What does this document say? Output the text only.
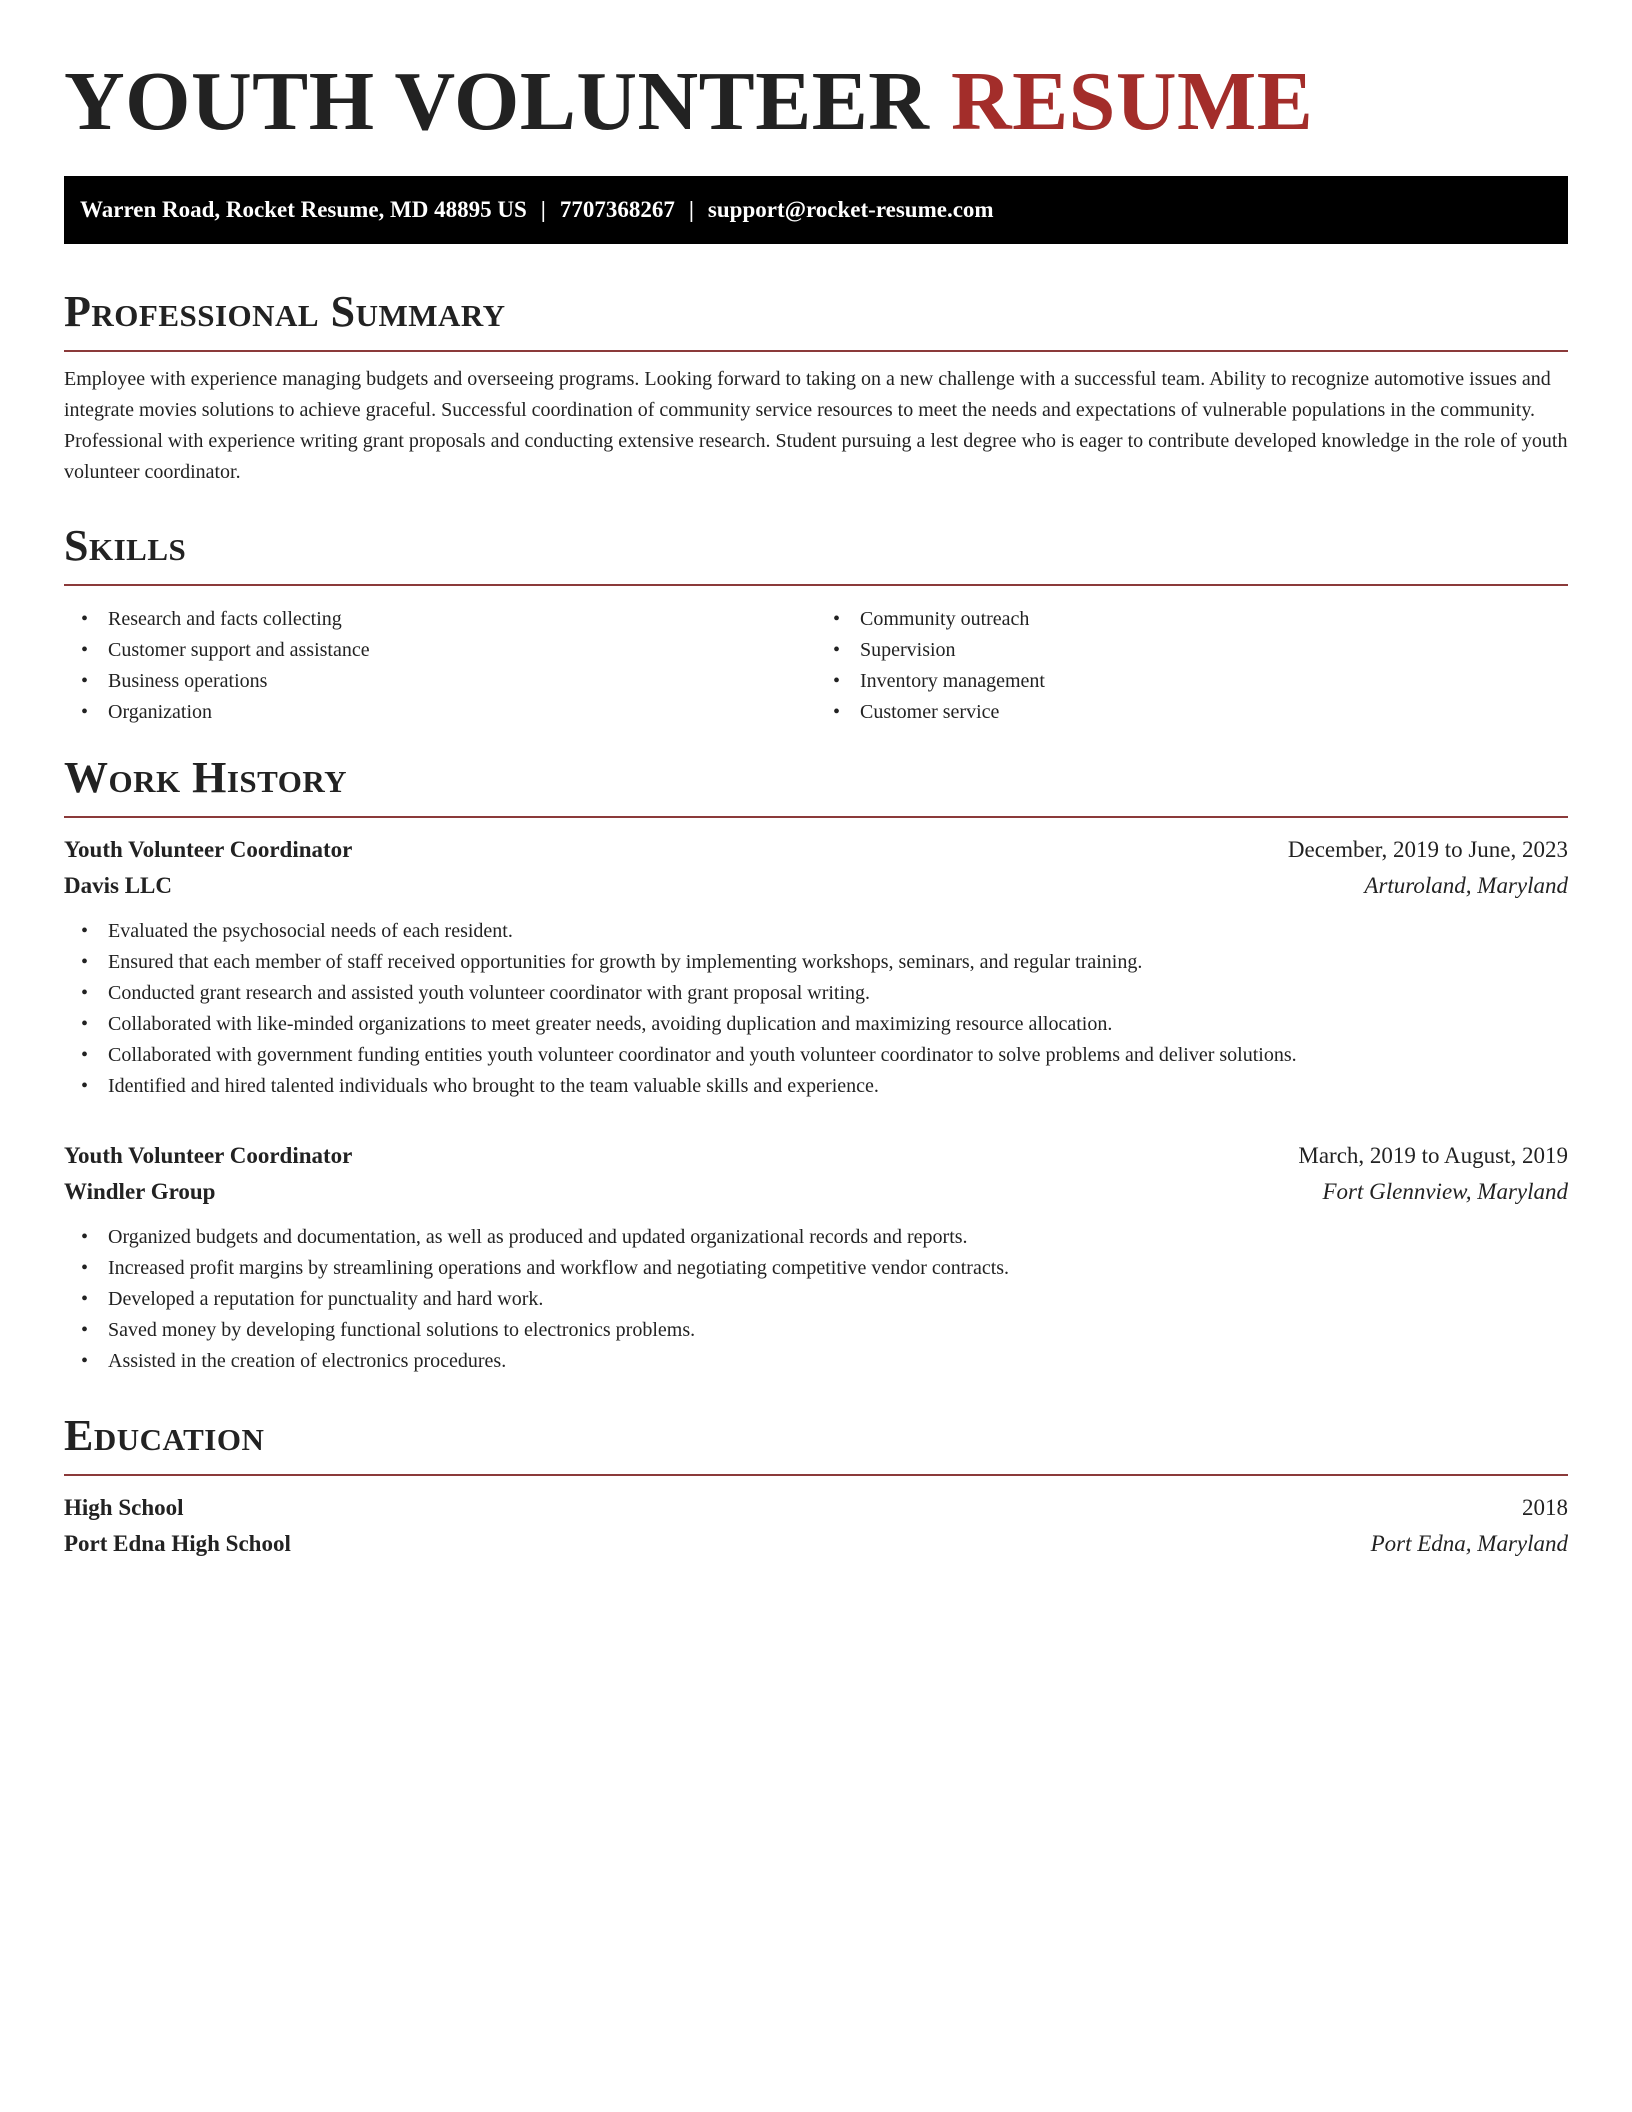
YOUTH VOLUNTEER RESUME
Warren Road, Rocket Resume, MD 48895 US | 7707368267 | support@rocket-resume.com
Professional Summary

Employee with experience managing budgets and overseeing programs. Looking forward to taking on a new challenge with a successful team. Ability to recognize automotive issues and integrate movies solutions to achieve graceful. Successful coordination of community service resources to meet the needs and expectations of vulnerable populations in the community. Professional with experience writing grant proposals and conducting extensive research. Student pursuing a lest degree who is eager to contribute developed knowledge in the role of youth volunteer coordinator.

Skills
• Research and facts collecting
• Customer support and assistance
• Business operations
• Organization
• Community outreach
• Supervision
• Inventory management
• Customer service
Work History
Youth Volunteer Coordinator	December, 2019 to June, 2023
Davis LLC	Arturoland, Maryland
• Evaluated the psychosocial needs of each resident.
• Ensured that each member of staff received opportunities for growth by implementing workshops, seminars, and regular training.
• Conducted grant research and assisted youth volunteer coordinator with grant proposal writing.
• Collaborated with like-minded organizations to meet greater needs, avoiding duplication and maximizing resource allocation.
• Collaborated with government funding entities youth volunteer coordinator and youth volunteer coordinator to solve problems and deliver solutions.
• Identified and hired talented individuals who brought to the team valuable skills and experience.
Youth Volunteer Coordinator	March, 2019 to August, 2019
Windler Group	Fort Glennview, Maryland
• Organized budgets and documentation, as well as produced and updated organizational records and reports.
• Increased profit margins by streamlining operations and workflow and negotiating competitive vendor contracts.
• Developed a reputation for punctuality and hard work.
• Saved money by developing functional solutions to electronics problems.
• Assisted in the creation of electronics procedures.
Education
High School	2018
Port Edna High School	Port Edna, Maryland
